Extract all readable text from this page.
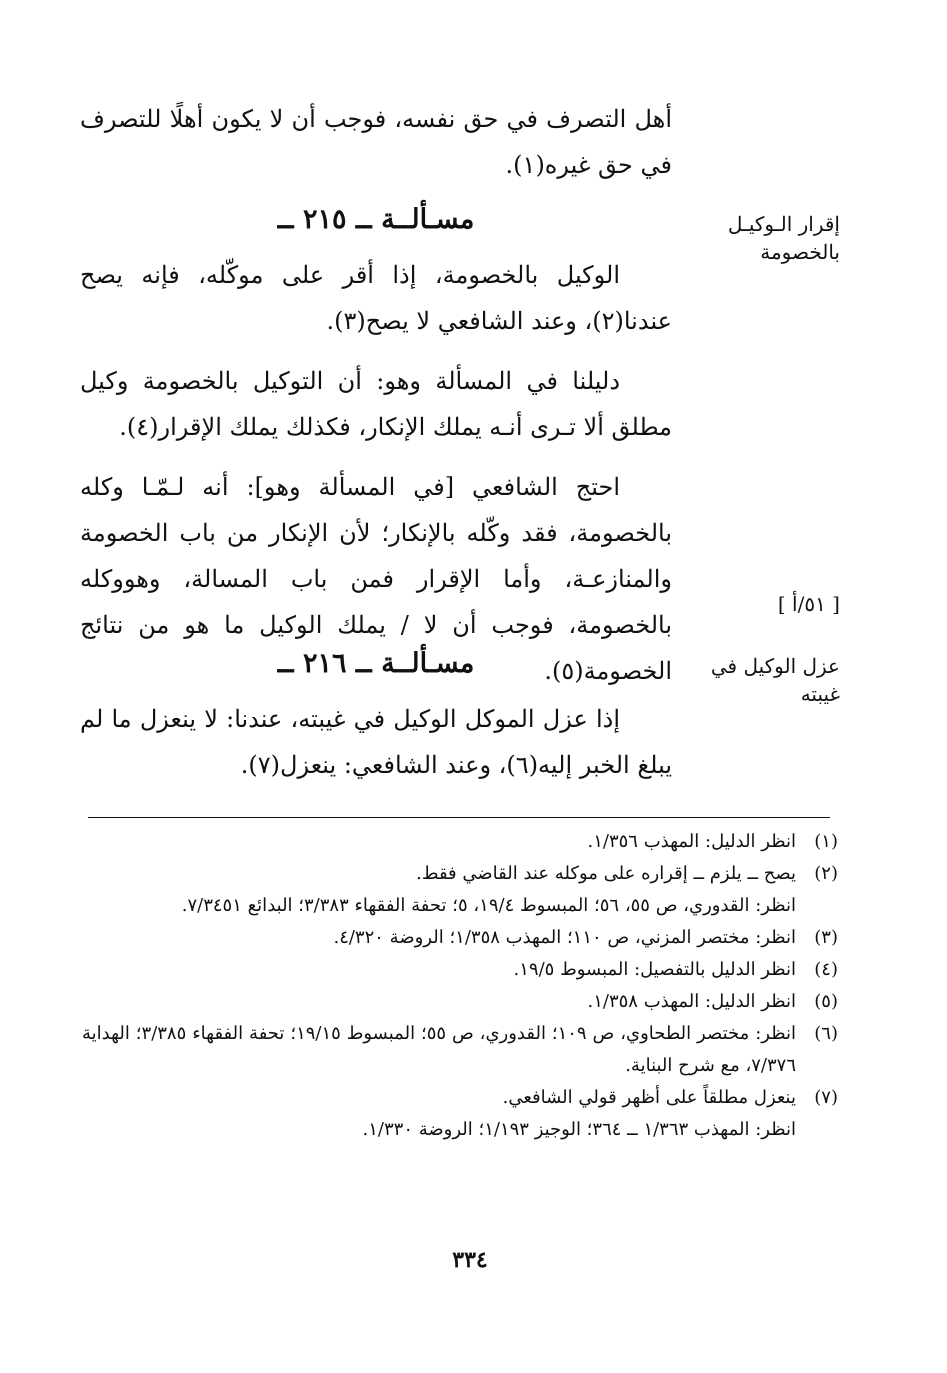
أهل التصرف في حق نفسه، فوجب أن لا يكون أهلًا للتصرف في حق غيره(١).

مسـألــة ــ ٢١٥ ــ	إقرار الـوكيـل بالخصومة

الوكيل بالخصومة، إذا أقر على موكّله، فإنه يصح عندنا(٢)، وعند الشافعي لا يصح(٣).

دليلنا في المسألة وهو: أن التوكيل بالخصومة وكيل مطلق ألا تـرى أنـه يملك الإنكار، فكذلك يملك الإقرار(٤).

احتج الشافعي [في المسألة وهو]: أنه لـمّـا وكله بالخصومة، فقد وكّله بالإنكار؛ لأن الإنكار من باب الخصومة والمنازعـة، وأما الإقرار فمن باب المسالة، وهووكله بالخصومة، فوجب أن لا / يملك الوكيل ما هو من نتائج الخصومة(٥).

[ ٥١/أ ]
مسـألــة ــ ٢١٦ ــ	عزل الوكيل في غيبته

إذا عزل الموكل الوكيل في غيبته، عندنا: لا ينعزل ما لم يبلغ الخبر إليه(٦)، وعند الشافعي: ينعزل(٧).

(١)
انظر الدليل: المهذب ١/٣٥٦.
(٢)
يصح ــ يلزم ــ إقراره على موكله عند القاضي فقط.
انظر: القدوري، ص ٥٥، ٥٦؛ المبسوط ١٩/٤، ٥؛ تحفة الفقهاء ٣/٣٨٣؛ البدائع ٧/٣٤٥١.
(٣)
انظر: مختصر المزني، ص ١١٠؛ المهذب ١/٣٥٨؛ الروضة ٤/٣٢٠.
(٤)
انظر الدليل بالتفصيل: المبسوط ١٩/٥.
(٥)
انظر الدليل: المهذب ١/٣٥٨.
(٦)
انظر: مختصر الطحاوي، ص ١٠٩؛ القدوري، ص ٥٥؛ المبسوط ١٩/١٥؛ تحفة الفقهاء ٣/٣٨٥؛ الهداية ٧/٣٧٦، مع شرح البناية.
(٧)
ينعزل مطلقاً على أظهر قولي الشافعي.
انظر: المهذب ١/٣٦٣ ــ ٣٦٤؛ الوجيز ١/١٩٣؛ الروضة ١/٣٣٠.
٣٣٤
